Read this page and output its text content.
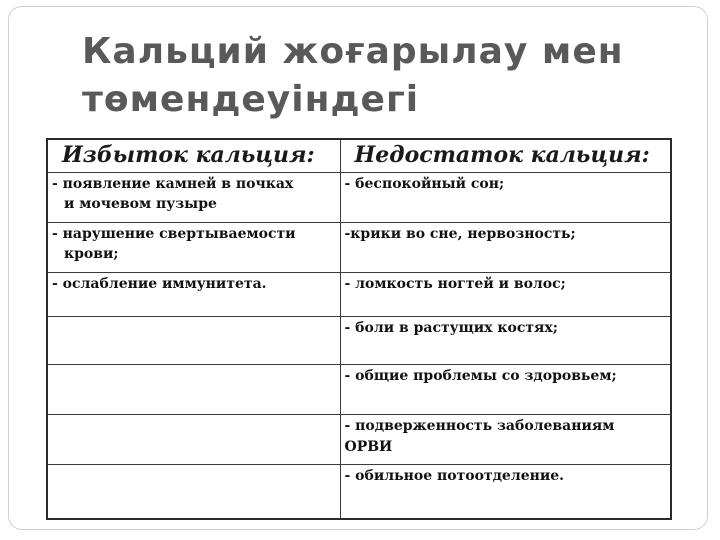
Кальций жоғарылау мен
төмендеуіндегі
Избыток кальция:	Недостаток кальция:

- появление камней в почках
и мочевом пузыре	- беспокойный сон;

- нарушение свертываемости
крови;	-крики во сне, нервозность;

- ослабление иммунитета.	- ломкость ногтей и волос;

	- боли в растущих костях;

	- общие проблемы со здоровьем;

	- подверженность заболеваниям
ОРВИ

	- обильное потоотделение.
